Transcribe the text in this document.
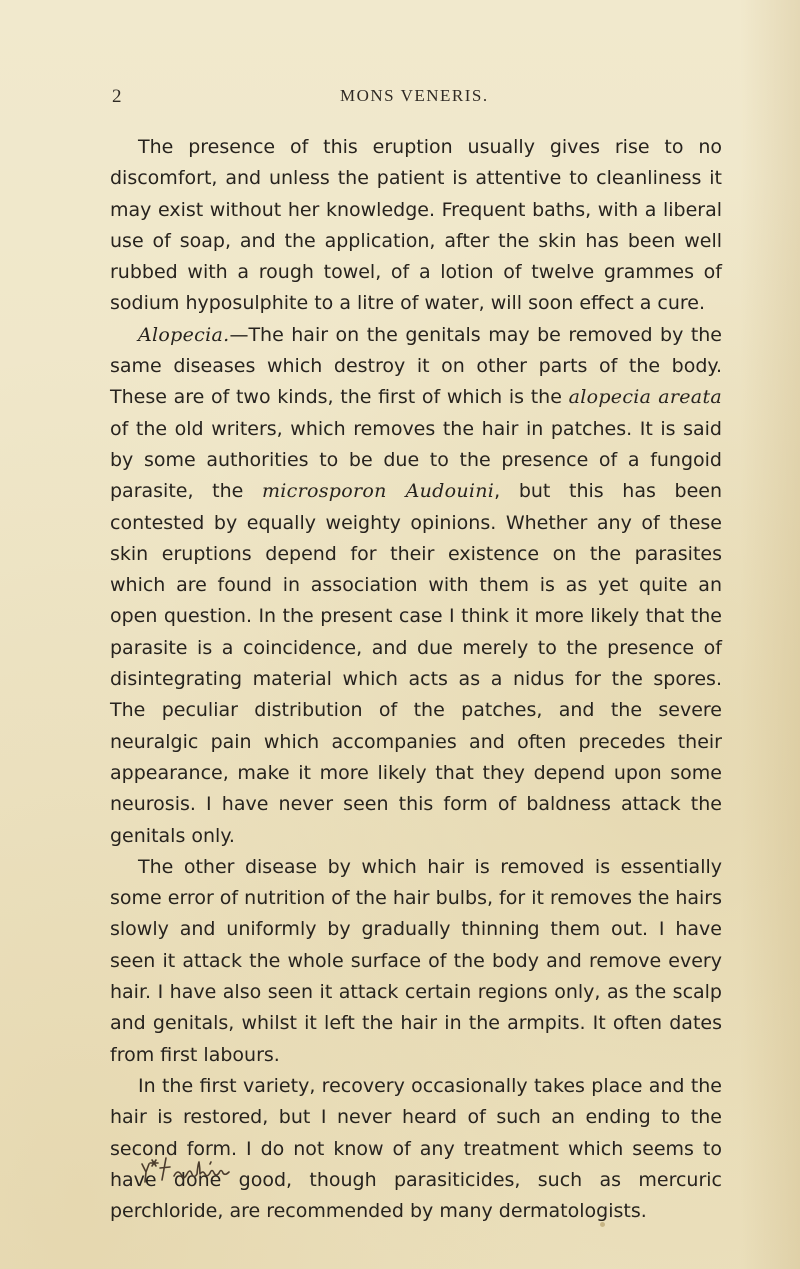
2	MONS VENERIS.

The presence of this eruption usually gives rise to no discomfort, and unless the patient is attentive to cleanliness it may exist without her knowledge. Frequent baths, with a liberal use of soap, and the application, after the skin has been well rubbed with a rough towel, of a lotion of twelve grammes of sodium hyposulphite to a litre of water, will soon effect a cure.

Alopecia.—The hair on the genitals may be removed by the same diseases which destroy it on other parts of the body. These are of two kinds, the first of which is the alopecia areata of the old writers, which removes the hair in patches. It is said by some authorities to be due to the presence of a fungoid parasite, the microsporon Audouini, but this has been contested by equally weighty opinions. Whether any of these skin eruptions depend for their existence on the parasites which are found in association with them is as yet quite an open question. In the present case I think it more likely that the parasite is a coincidence, and due merely to the presence of disintegrating material which acts as a nidus for the spores. The peculiar distribution of the patches, and the severe neuralgic pain which accompanies and often precedes their appearance, make it more likely that they depend upon some neurosis. I have never seen this form of baldness attack the genitals only.

The other disease by which hair is removed is essentially some error of nutrition of the hair bulbs, for it removes the hairs slowly and uniformly by gradually thinning them out. I have seen it attack the whole surface of the body and remove every hair. I have also seen it attack certain regions only, as the scalp and genitals, whilst it left the hair in the armpits. It often dates from first labours.

In the first variety, recovery occasionally takes place and the hair is restored, but I never heard of such an ending to the second form. I do not know of any treatment which seems to have done good, though parasiticides, such as mercuric perchloride, are recommended by many dermatologists.
